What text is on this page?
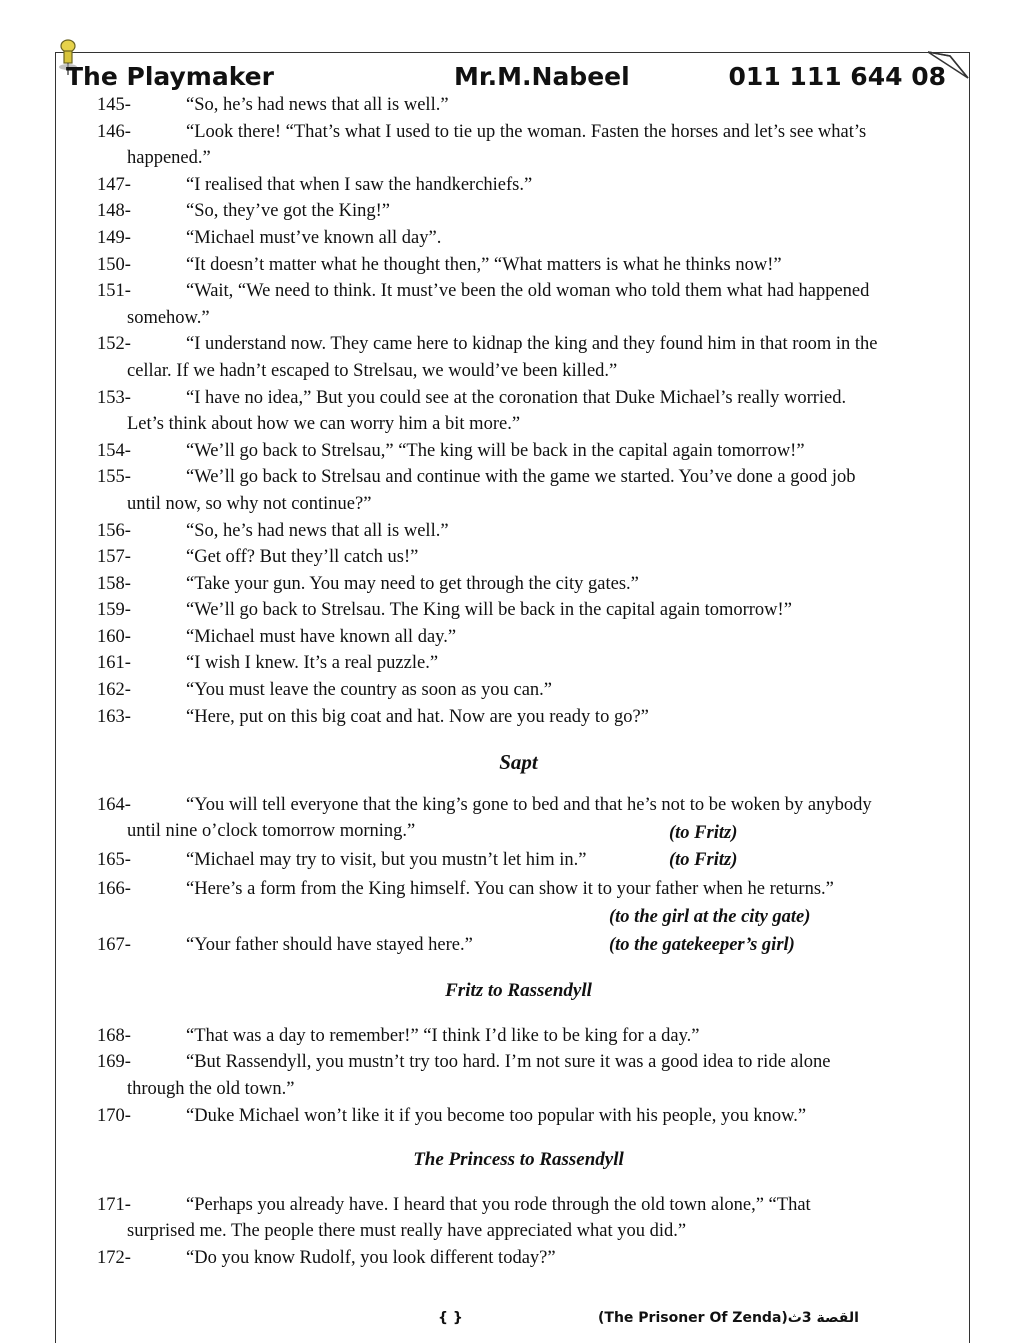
The Playmaker	Mr.M.Nabeel	011 111 644 08
145-	“So, he’s had news that all is well.”
146-	“Look there! “That’s what I used to tie up the woman. Fasten the horses and let’s see what’s
happened.”
147-	“I realised that when I saw the handkerchiefs.”
148-	“So, they’ve got the King!”
149-	“Michael must’ve known all day”.
150-	“It doesn’t matter what he thought then,” “What matters is what he thinks now!”
151-	“Wait, “We need to think. It must’ve been the old woman who told them what had happened
somehow.”
152-	“I understand now. They came here to kidnap the king and they found him in that room in the
cellar. If we hadn’t escaped to Strelsau, we would’ve been killed.”
153-	“I have no idea,” But you could see at the coronation that Duke Michael’s really worried.
Let’s think about how we can worry him a bit more.”
154-	“We’ll go back to Strelsau,” “The king will be back in the capital again tomorrow!”
155-	“We’ll go back to Strelsau and continue with the game we started. You’ve done a good job
until now, so why not continue?”
156-	“So, he’s had news that all is well.”
157-	“Get off? But they’ll catch us!”
158-	“Take your gun. You may need to get through the city gates.”
159-	“We’ll go back to Strelsau. The King will be back in the capital again tomorrow!”
160-	“Michael must have known all day.”
161-	“I wish I knew. It’s a real puzzle.”
162-	“You must leave the country as soon as you can.”
163-	“Here, put on this big coat and hat. Now are you ready to go?”
Sapt
164-	“You will tell everyone that the king’s gone to bed and that he’s not to be woken by anybody
until nine o’clock tomorrow morning.”	(to Fritz)
165-	“Michael may try to visit, but you mustn’t let him in.”	(to Fritz)
166-	“Here’s a form from the King himself. You can show it to your father when he returns.”
(to the girl at the city gate)
167-	“Your father should have stayed here.”	(to the gatekeeper’s girl)
Fritz to Rassendyll
168-	“That was a day to remember!” “I think I’d like to be king for a day.”
169-	“But Rassendyll, you mustn’t try too hard. I’m not sure it was a good idea to ride alone
through the old town.”
170-	“Duke Michael won’t like it if you become too popular with his people, you know.”
The Princess to Rassendyll
171-	“Perhaps you already have. I heard that you rode through the old town alone,” “That
surprised me. The people there must really have appreciated what you did.”
172-	“Do you know Rudolf, you look different today?”
{ }	(The Prisoner Of Zenda)القصة 3ث
